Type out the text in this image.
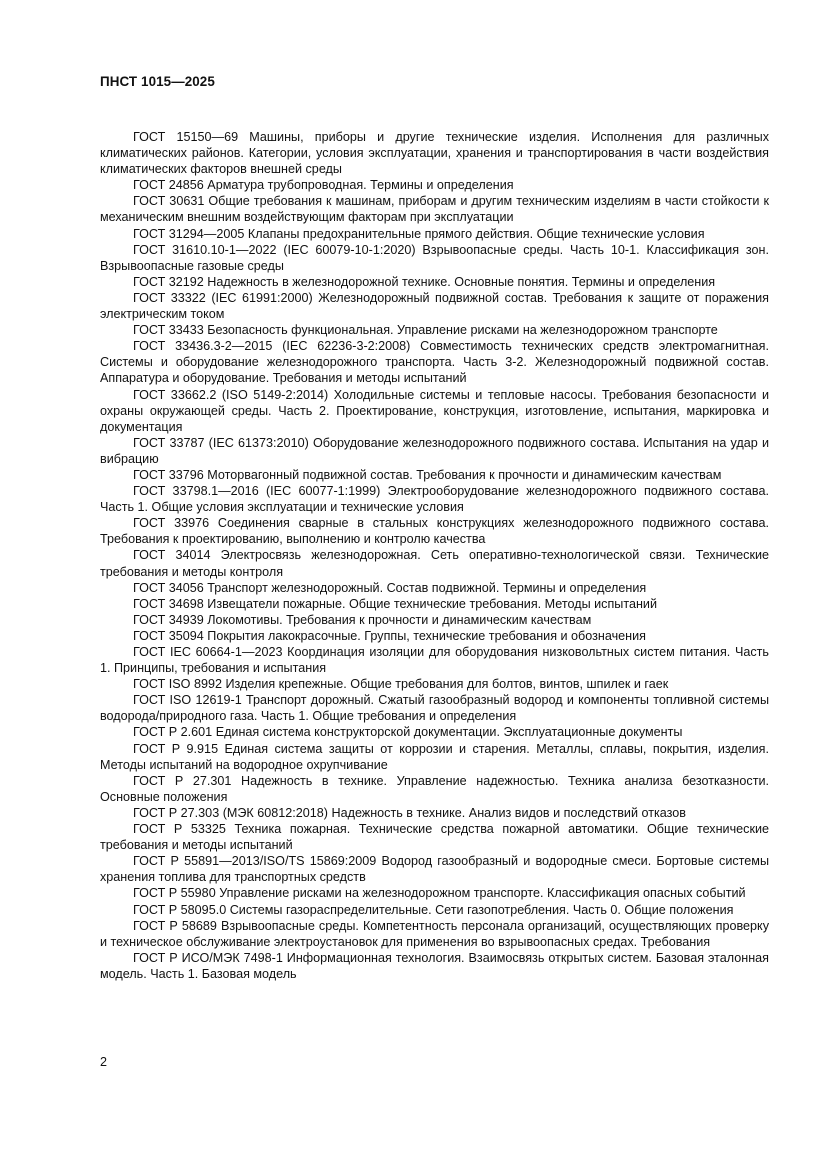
ПНСТ 1015—2025

ГОСТ 15150—69 Машины, приборы и другие технические изделия. Исполнения для различных климатических районов. Категории, условия эксплуатации, хранения и транспортирования в части воздействия климатических факторов внешней среды

ГОСТ 24856 Арматура трубопроводная. Термины и определения

ГОСТ 30631 Общие требования к машинам, приборам и другим техническим изделиям в части стойкости к механическим внешним воздействующим факторам при эксплуатации

ГОСТ 31294—2005 Клапаны предохранительные прямого действия. Общие технические условия

ГОСТ 31610.10-1—2022 (IEC 60079-10-1:2020) Взрывоопасные среды. Часть 10-1. Классификация зон. Взрывоопасные газовые среды

ГОСТ 32192 Надежность в железнодорожной технике. Основные понятия. Термины и определения

ГОСТ 33322 (IEC 61991:2000) Железнодорожный подвижной состав. Требования к защите от поражения электрическим током

ГОСТ 33433 Безопасность функциональная. Управление рисками на железнодорожном транспорте

ГОСТ 33436.3-2—2015 (IEC 62236-3-2:2008) Совместимость технических средств электромагнитная. Системы и оборудование железнодорожного транспорта. Часть 3-2. Железнодорожный подвижной состав. Аппаратура и оборудование. Требования и методы испытаний

ГОСТ 33662.2 (ISO 5149-2:2014) Холодильные системы и тепловые насосы. Требования безопасности и охраны окружающей среды. Часть 2. Проектирование, конструкция, изготовление, испытания, маркировка и документация

ГОСТ 33787 (IEC 61373:2010) Оборудование железнодорожного подвижного состава. Испытания на удар и вибрацию

ГОСТ 33796 Моторвагонный подвижной состав. Требования к прочности и динамическим качествам

ГОСТ 33798.1—2016 (IEC 60077-1:1999) Электрооборудование железнодорожного подвижного состава. Часть 1. Общие условия эксплуатации и технические условия

ГОСТ 33976 Соединения сварные в стальных конструкциях железнодорожного подвижного состава. Требования к проектированию, выполнению и контролю качества

ГОСТ 34014 Электросвязь железнодорожная. Сеть оперативно-технологической связи. Технические требования и методы контроля

ГОСТ 34056 Транспорт железнодорожный. Состав подвижной. Термины и определения

ГОСТ 34698 Извещатели пожарные. Общие технические требования. Методы испытаний

ГОСТ 34939 Локомотивы. Требования к прочности и динамическим качествам

ГОСТ 35094 Покрытия лакокрасочные. Группы, технические требования и обозначения

ГОСТ IEC 60664-1—2023 Координация изоляции для оборудования низковольтных систем питания. Часть 1. Принципы, требования и испытания

ГОСТ ISO 8992 Изделия крепежные. Общие требования для болтов, винтов, шпилек и гаек

ГОСТ ISO 12619-1 Транспорт дорожный. Сжатый газообразный водород и компоненты топливной системы водорода/природного газа. Часть 1. Общие требования и определения

ГОСТ Р 2.601 Единая система конструкторской документации. Эксплуатационные документы

ГОСТ Р 9.915 Единая система защиты от коррозии и старения. Металлы, сплавы, покрытия, изделия. Методы испытаний на водородное охрупчивание

ГОСТ Р 27.301 Надежность в технике. Управление надежностью. Техника анализа безотказности. Основные положения

ГОСТ Р 27.303 (МЭК 60812:2018) Надежность в технике. Анализ видов и последствий отказов

ГОСТ Р 53325 Техника пожарная. Технические средства пожарной автоматики. Общие технические требования и методы испытаний

ГОСТ Р 55891—2013/ISO/TS 15869:2009 Водород газообразный и водородные смеси. Бортовые системы хранения топлива для транспортных средств

ГОСТ Р 55980 Управление рисками на железнодорожном транспорте. Классификация опасных событий

ГОСТ Р 58095.0 Системы газораспределительные. Сети газопотребления. Часть 0. Общие положения

ГОСТ Р 58689 Взрывоопасные среды. Компетентность персонала организаций, осуществляющих проверку и техническое обслуживание электроустановок для применения во взрывоопасных средах. Требования

ГОСТ Р ИСО/МЭК 7498-1 Информационная технология. Взаимосвязь открытых систем. Базовая эталонная модель. Часть 1. Базовая модель

2
